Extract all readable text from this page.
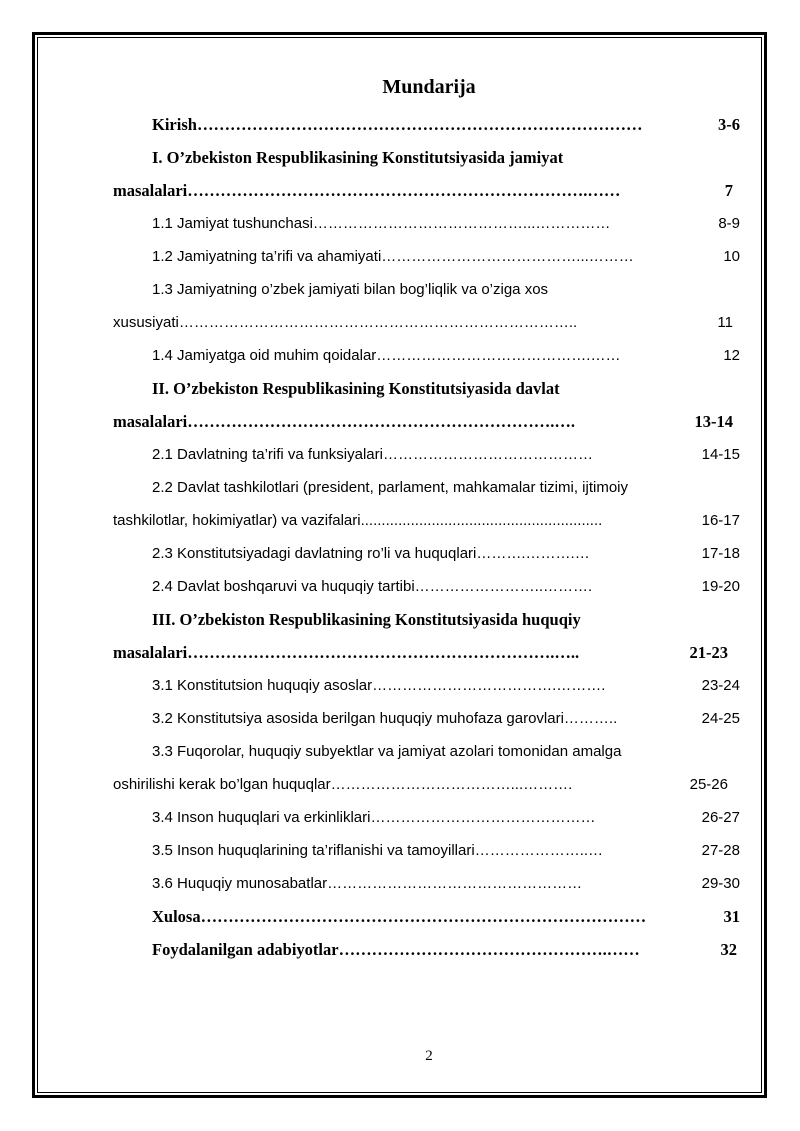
Mundarija
Kirish ………………………………………………………………………	3-6
I. O’zbekiston Respublikasining Konstitutsiyasida jamiyat
masalalari ……………………………………………………………….……	7
1.1 Jamiyat tushunchasi ……………………………………...……………	8-9
1.2 Jamiyatning ta’rifi va ahamiyati …………………………………...………	10
1.3 Jamiyatning o’zbek jamiyati bilan bog’liqlik va o’ziga xos
xususiyati ……………………………………………………………………..	11
1.4 Jamiyatga oid muhim qoidalar …………………………………….……	12
II. O’zbekiston Respublikasining Konstitutsiyasida davlat
masalalari ………………………………………………………….….	13-14
2.1 Davlatning ta’rifi va funksiyalari ……………………………………	14-15
2.2 Davlat tashkilotlari (president, parlament, mahkamalar tizimi, ijtimoiy
tashkilotlar, hokimiyatlar) va vazifalari ..........................................................	16-17
2.3 Konstitutsiyadagi davlatning ro’li va huquqlari ……….……….…	17-18
2.4 Davlat boshqaruvi va huquqiy tartibi ……………………..……….	19-20
III. O’zbekiston Respublikasining Konstitutsiyasida huquqiy
masalalari ………………………………………………………….…..	21-23
3.1 Konstitutsion huquqiy asoslar ……………………………….……….	23-24
3.2 Konstitutsiya asosida berilgan huquqiy muhofaza garovlari ………..	24-25
3.3 Fuqorolar, huquqiy subyektlar va jamiyat azolari tomonidan amalga
oshirilishi kerak bo’lgan huquqlar ………………………………...……….	25-26
3.4 Inson huquqlari va erkinliklari ………………………………………	26-27
3.5 Inson huquqlarining ta’riflanishi va tamoyillari …………………..…	27-28
3.6 Huquqiy munosabatlar ……………………………………………	29-30
Xulosa ………………………………………………………………………	31
Foydalanilgan adabiyotlar ………………………………………….……	32
2
